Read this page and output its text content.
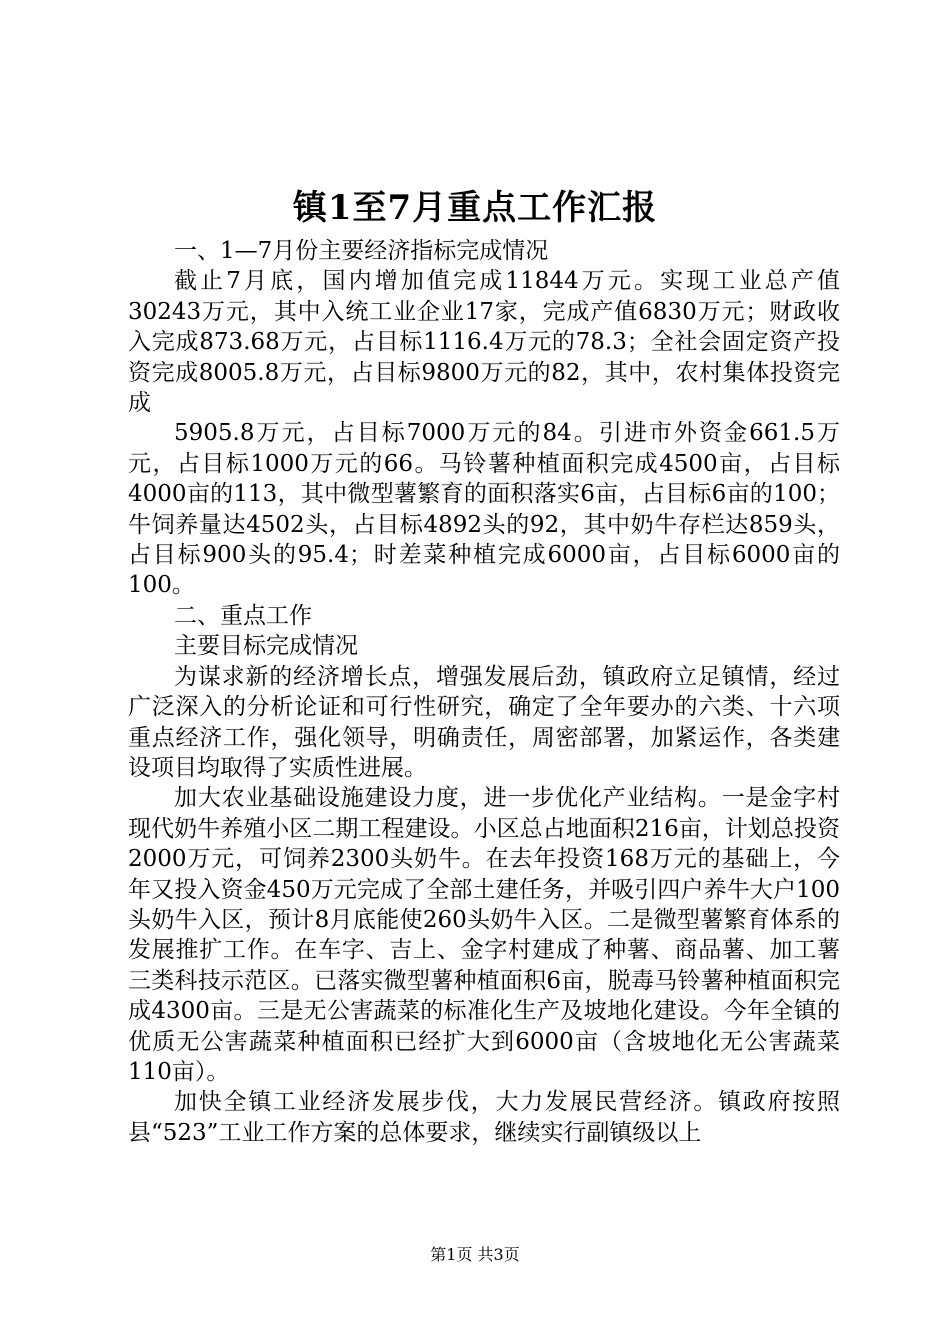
镇1至7月重点工作汇报

一、1—7月份主要经济指标完成情况

截止7月底，国内增加值完成11844万元。实现工业总产值30243万元，其中入统工业企业17家，完成产值6830万元；财政收入完成873.68万元，占目标1116.4万元的78.3；全社会固定资产投资完成8005.8万元，占目标9800万元的82，其中，农村集体投资完成

5905.8万元，占目标7000万元的84。引进市外资金661.5万元，占目标1000万元的66。马铃薯种植面积完成4500亩，占目标4000亩的113，其中微型薯繁育的面积落实6亩，占目标6亩的100；牛饲养量达4502头，占目标4892头的92，其中奶牛存栏达859头，占目标900头的95.4；时差菜种植完成6000亩，占目标6000亩的100。

二、重点工作

主要目标完成情况

为谋求新的经济增长点，增强发展后劲，镇政府立足镇情，经过广泛深入的分析论证和可行性研究，确定了全年要办的六类、十六项重点经济工作，强化领导，明确责任，周密部署，加紧运作，各类建设项目均取得了实质性进展。

加大农业基础设施建设力度，进一步优化产业结构。一是金字村现代奶牛养殖小区二期工程建设。小区总占地面积216亩，计划总投资2000万元，可饲养2300头奶牛。在去年投资168万元的基础上，今年又投入资金450万元完成了全部土建任务，并吸引四户养牛大户100头奶牛入区，预计8月底能使260头奶牛入区。二是微型薯繁育体系的发展推扩工作。在车字、吉上、金字村建成了种薯、商品薯、加工薯三类科技示范区。已落实微型薯种植面积6亩，脱毒马铃薯种植面积完成4300亩。三是无公害蔬菜的标准化生产及坡地化建设。今年全镇的优质无公害蔬菜种植面积已经扩大到6000亩（含坡地化无公害蔬菜110亩）。

加快全镇工业经济发展步伐，大力发展民营经济。镇政府按照县“523”工业工作方案的总体要求，继续实行副镇级以上

第1页 共3页
